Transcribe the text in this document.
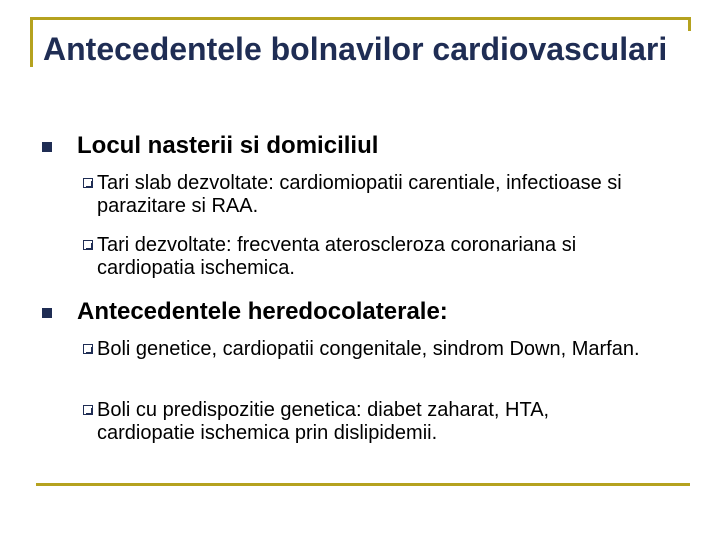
Antecedentele bolnavilor cardiovasculari
Locul nasterii si domiciliul
Tari slab dezvoltate: cardiomiopatii carentiale, infectioase si parazitare si RAA.
Tari dezvoltate: frecventa ateroscleroza coronariana si cardiopatia ischemica.
Antecedentele heredocolaterale:
Boli genetice, cardiopatii congenitale, sindrom Down, Marfan.
Boli cu predispozitie genetica: diabet zaharat, HTA, cardiopatie ischemica prin dislipidemii.
